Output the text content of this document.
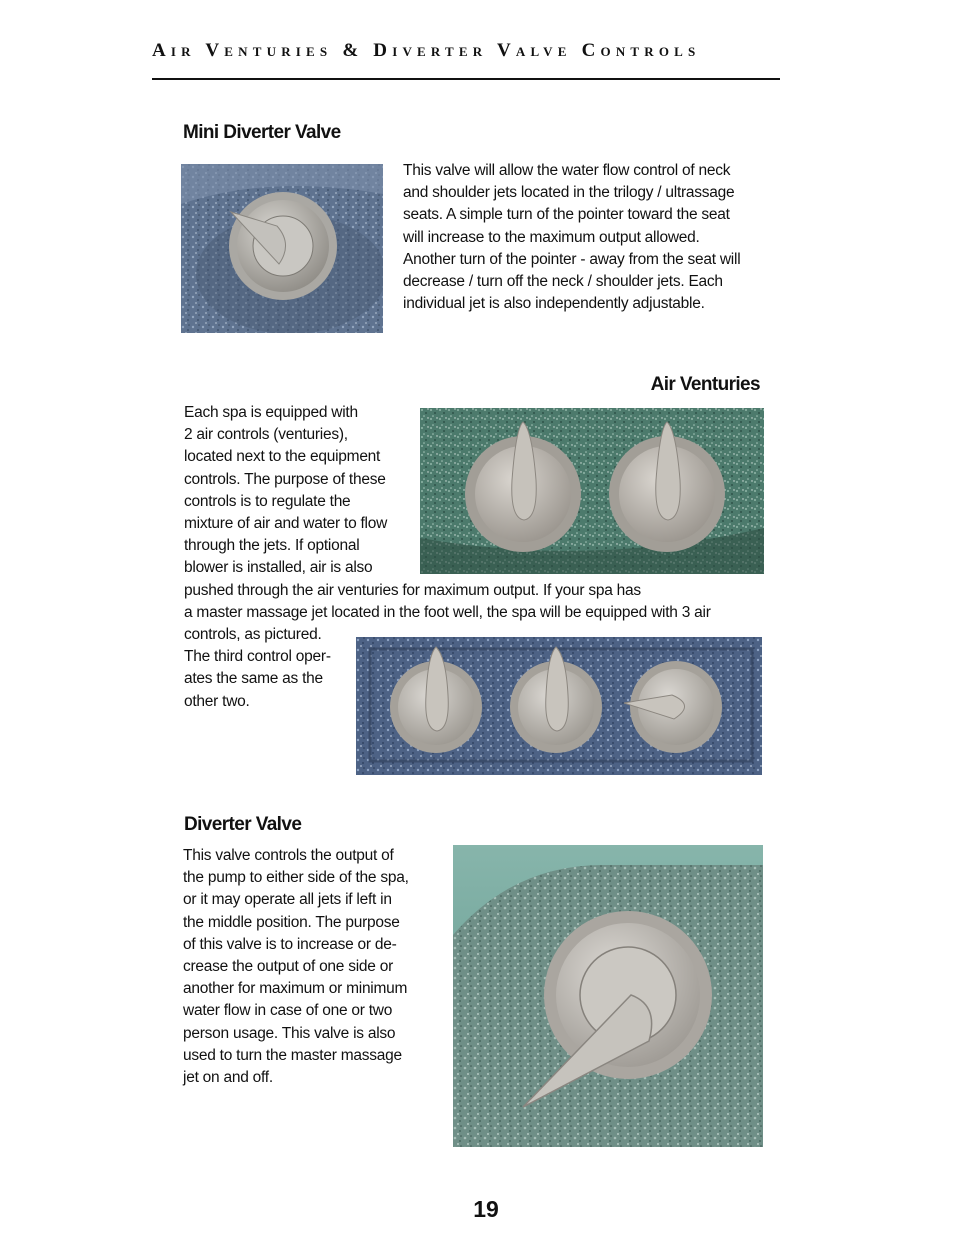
Air Venturies & Diverter Valve Controls
Mini Diverter Valve
This valve will allow the water flow control of neck
and shoulder jets located in the trilogy / ultrassage
seats. A simple turn of the pointer toward the seat
will increase to the maximum output allowed.
Another turn of the pointer - away from the seat will
decrease / turn off the neck / shoulder jets. Each
individual jet is also independently adjustable.
Air Venturies
Each spa is equipped with
2 air controls (venturies),
located next to the equipment
controls. The purpose of these
controls is to regulate the
mixture of air and water to flow
through the jets. If optional
blower is installed, air is also
pushed through the air venturies for maximum output. If your spa has
a master massage jet located in the foot well, the spa will be equipped with 3 air
controls, as pictured.
The third control oper-
ates the same as the
other two.
Diverter Valve
This valve controls the output of
the pump to either side of the spa,
or it may operate all jets if left in
the middle position. The purpose
of this valve is to increase or de-
crease the output of one side or
another for maximum or minimum
water flow in case of one or two
person usage. This valve is also
used to turn the master massage
jet on and off.
19
